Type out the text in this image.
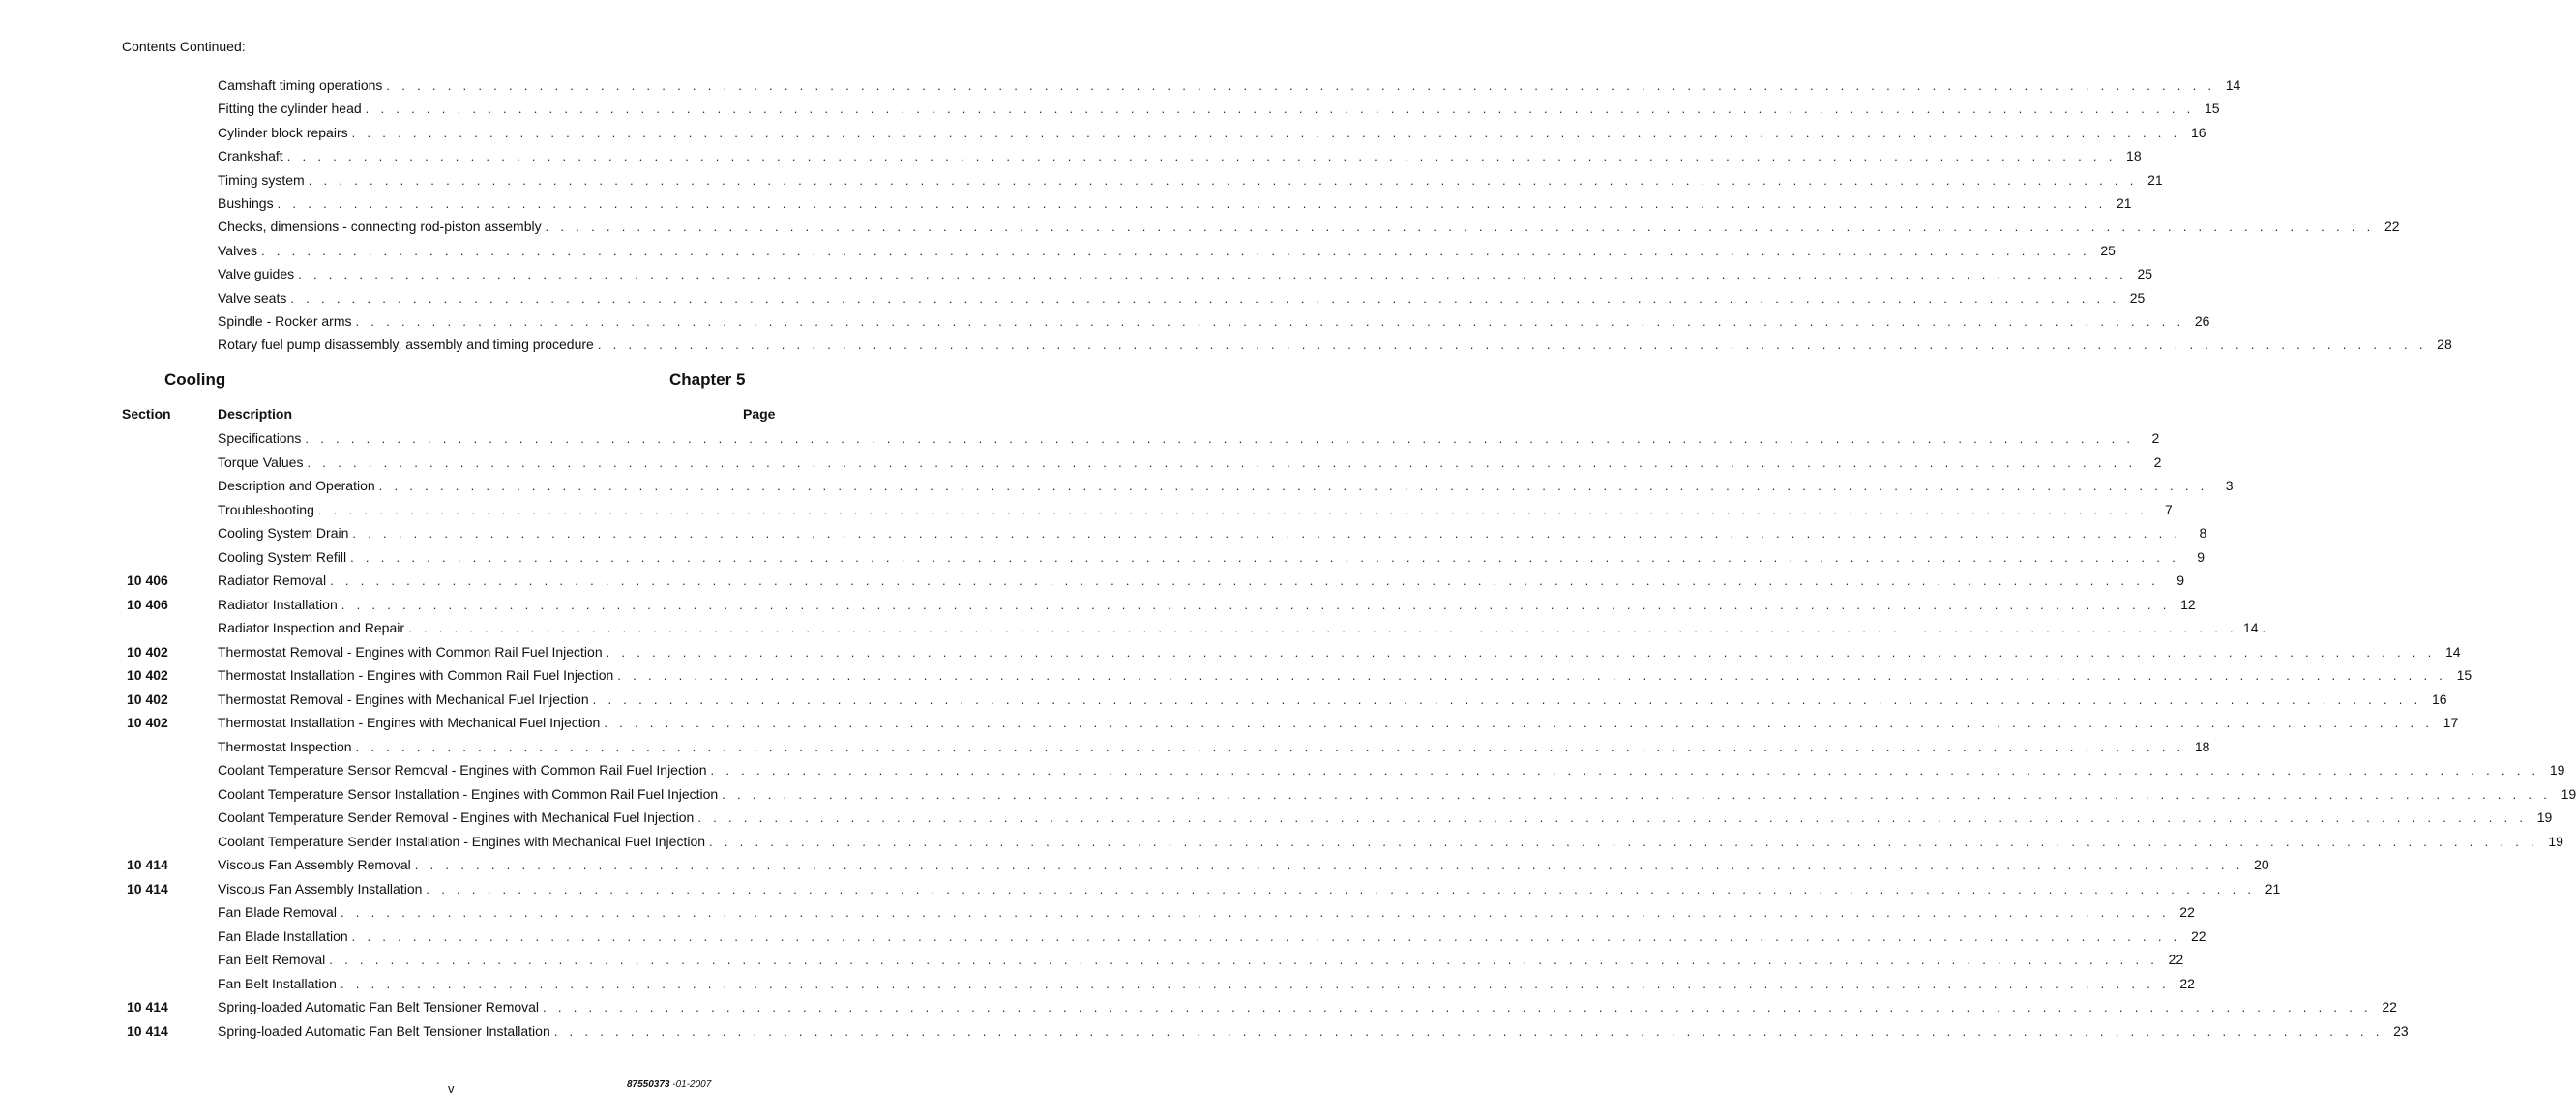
Contents Continued:
Camshaft timing operations . . . . . . . . . . . . . . . . . . . . . . . . . . . . . . . . . . . . . . . . . . . . . . . . . . . . . . . . . . . . . . . . . . . . . . . . . . . . . . . . . . . . . . . . . . . . . . . . . . . . . . . . . . . . . . . . . . . . . . . . 14
Fitting the cylinder head . . . . . . . . . . . . . . . . . . . . . . . . . . . . . . . . . . . . . . . . . . . . . . . . . . . . . . . . . . . . . . . . . . . . . . . . . . . . . . . . . . . . . . . . . . . . . . . . . . . . . . . . . . . . . . . . . . . . . . . . 15
Cylinder block repairs . . . . . . . . . . . . . . . . . . . . . . . . . . . . . . . . . . . . . . . . . . . . . . . . . . . . . . . . . . . . . . . . . . . . . . . . . . . . . . . . . . . . . . . . . . . . . . . . . . . . . . . . . . . . . . . . . . . . . . . . 16
Crankshaft . . . . . . . . . . . . . . . . . . . . . . . . . . . . . . . . . . . . . . . . . . . . . . . . . . . . . . . . . . . . . . . . . . . . . . . . . . . . . . . . . . . . . . . . . . . . . . . . . . . . . . . . . . . . . . . . . . . . . . . . 18
Timing system . . . . . . . . . . . . . . . . . . . . . . . . . . . . . . . . . . . . . . . . . . . . . . . . . . . . . . . . . . . . . . . . . . . . . . . . . . . . . . . . . . . . . . . . . . . . . . . . . . . . . . . . . . . . . . . . . . . . . . . . 21
Bushings . . . . . . . . . . . . . . . . . . . . . . . . . . . . . . . . . . . . . . . . . . . . . . . . . . . . . . . . . . . . . . . . . . . . . . . . . . . . . . . . . . . . . . . . . . . . . . . . . . . . . . . . . . . . . . . . . . . . . . . . 21
Checks, dimensions - connecting rod-piston assembly . . . . . . . . . . . . . . . . . . . . . . . . . . . . . . . . . . . . . . . . . . . . . . . . . . . . . . . . . . . . . . . . . . . . . . . . . . . . . . . . . . . . . . . . . . . . . . . . . . . . . . . . . . . . . . . . . . . . . . . . 22
Valves . . . . . . . . . . . . . . . . . . . . . . . . . . . . . . . . . . . . . . . . . . . . . . . . . . . . . . . . . . . . . . . . . . . . . . . . . . . . . . . . . . . . . . . . . . . . . . . . . . . . . . . . . . . . . . . . . . . . . . . . 25
Valve guides . . . . . . . . . . . . . . . . . . . . . . . . . . . . . . . . . . . . . . . . . . . . . . . . . . . . . . . . . . . . . . . . . . . . . . . . . . . . . . . . . . . . . . . . . . . . . . . . . . . . . . . . . . . . . . . . . . . . . . . . 25
Valve seats . . . . . . . . . . . . . . . . . . . . . . . . . . . . . . . . . . . . . . . . . . . . . . . . . . . . . . . . . . . . . . . . . . . . . . . . . . . . . . . . . . . . . . . . . . . . . . . . . . . . . . . . . . . . . . . . . . . . . . . . 25
Spindle - Rocker arms . . . . . . . . . . . . . . . . . . . . . . . . . . . . . . . . . . . . . . . . . . . . . . . . . . . . . . . . . . . . . . . . . . . . . . . . . . . . . . . . . . . . . . . . . . . . . . . . . . . . . . . . . . . . . . . . . . . . . . . . 26
Rotary fuel pump disassembly, assembly and timing procedure . . . . . . . . . . . . . . . . . . . . . . . . . . . . . . . . . . . . . . . . . . . . . . . . . . . . . . . . . . . . . . . . . . . . . . . . . . . . . . . . . . . . . . . . . . . . . . . . . . . . . . . . . . . . . . . . . . . . . . . . 28
Cooling	Chapter 5
Section	Description	Page
Specifications . . . . . . . . . . . . . . . . . . . . . . . . . . . . . . . . . . . . . . . . . . . . . . . . . . . . . . . . . . . . . . . . . . . . . . . . . . . . . . . . . . . . . . . . . . . . . . . . . . . . . . . . . . . . . . . . . . . . . . . .	2
Torque Values . . . . . . . . . . . . . . . . . . . . . . . . . . . . . . . . . . . . . . . . . . . . . . . . . . . . . . . . . . . . . . . . . . . . . . . . . . . . . . . . . . . . . . . . . . . . . . . . . . . . . . . . . . . . . . . . . . . . . . . .	2
Description and Operation . . . . . . . . . . . . . . . . . . . . . . . . . . . . . . . . . . . . . . . . . . . . . . . . . . . . . . . . . . . . . . . . . . . . . . . . . . . . . . . . . . . . . . . . . . . . . . . . . . . . . . . . . . . . . . . . . . . . . . . .	3
Troubleshooting . . . . . . . . . . . . . . . . . . . . . . . . . . . . . . . . . . . . . . . . . . . . . . . . . . . . . . . . . . . . . . . . . . . . . . . . . . . . . . . . . . . . . . . . . . . . . . . . . . . . . . . . . . . . . . . . . . . . . . . .	7
Cooling System Drain . . . . . . . . . . . . . . . . . . . . . . . . . . . . . . . . . . . . . . . . . . . . . . . . . . . . . . . . . . . . . . . . . . . . . . . . . . . . . . . . . . . . . . . . . . . . . . . . . . . . . . . . . . . . . . . . . . . . . . . .	8
Cooling System Refill . . . . . . . . . . . . . . . . . . . . . . . . . . . . . . . . . . . . . . . . . . . . . . . . . . . . . . . . . . . . . . . . . . . . . . . . . . . . . . . . . . . . . . . . . . . . . . . . . . . . . . . . . . . . . . . . . . . . . . . .	9
10 406	Radiator Removal . . . . . . . . . . . . . . . . . . . . . . . . . . . . . . . . . . . . . . . . . . . . . . . . . . . . . . . . . . . . . . . . . . . . . . . . . . . . . . . . . . . . . . . . . . . . . . . . . . . . . . . . . . . . . . . . . . . . . . . .	9
10 406	Radiator Installation . . . . . . . . . . . . . . . . . . . . . . . . . . . . . . . . . . . . . . . . . . . . . . . . . . . . . . . . . . . . . . . . . . . . . . . . . . . . . . . . . . . . . . . . . . . . . . . . . . . . . . . . . . . . . . . . . . . . . . . . 12
Radiator Inspection and Repair . . . . . . . . . . . . . . . . . . . . . . . . . . . . . . . . . . . . . . . . . . . . . . . . . . . . . . . . . . . . . . . . . . . . . . . . . . . . . . . . . . . . . . . . . . . . . . . . . . . . . . . . . . . . . . . . . . . . . . . . 14 .
10 402	Thermostat Removal - Engines with Common Rail Fuel Injection . . . . . . . . . . . . . . . . . . . . . . . . . . . . . . . . . . . . . . . . . . . . . . . . . . . . . . . . . . . . . . . . . . . . . . . . . . . . . . . . . . . . . . . . . . . . . . . . . . . . . . . . . . . . . . . . . . . . . . . . 14
10 402	Thermostat Installation - Engines with Common Rail Fuel Injection . . . . . . . . . . . . . . . . . . . . . . . . . . . . . . . . . . . . . . . . . . . . . . . . . . . . . . . . . . . . . . . . . . . . . . . . . . . . . . . . . . . . . . . . . . . . . . . . . . . . . . . . . . . . . . . . . . . . . . . . 15
10 402	Thermostat Removal - Engines with Mechanical Fuel Injection . . . . . . . . . . . . . . . . . . . . . . . . . . . . . . . . . . . . . . . . . . . . . . . . . . . . . . . . . . . . . . . . . . . . . . . . . . . . . . . . . . . . . . . . . . . . . . . . . . . . . . . . . . . . . . . . . . . . . . . . 16
10 402	Thermostat Installation - Engines with Mechanical Fuel Injection . . . . . . . . . . . . . . . . . . . . . . . . . . . . . . . . . . . . . . . . . . . . . . . . . . . . . . . . . . . . . . . . . . . . . . . . . . . . . . . . . . . . . . . . . . . . . . . . . . . . . . . . . . . . . . . . . . . . . . . . 17
Thermostat Inspection . . . . . . . . . . . . . . . . . . . . . . . . . . . . . . . . . . . . . . . . . . . . . . . . . . . . . . . . . . . . . . . . . . . . . . . . . . . . . . . . . . . . . . . . . . . . . . . . . . . . . . . . . . . . . . . . . . . . . . . . 18
Coolant Temperature Sensor Removal - Engines with Common Rail Fuel Injection . . . . . . . . . . . . . . . . . . . . . . . . . . . . . . . . . . . . . . . . . . . . . . . . . . . . . . . . . . . . . . . . . . . . . . . . . . . . . . . . . . . . . . . . . . . . . . . . . . . . . . . . . . . . . . . . . . . . . . . . 19
Coolant Temperature Sensor Installation - Engines with Common Rail Fuel Injection . . . . . . . . . . . . . . . . . . . . . . . . . . . . . . . . . . . . . . . . . . . . . . . . . . . . . . . . . . . . . . . . . . . . . . . . . . . . . . . . . . . . . . . . . . . . . . . . . . . . . . . . . . . . . . . . . . . . . . . . 19
Coolant Temperature Sender Removal - Engines with Mechanical Fuel Injection . . . . . . . . . . . . . . . . . . . . . . . . . . . . . . . . . . . . . . . . . . . . . . . . . . . . . . . . . . . . . . . . . . . . . . . . . . . . . . . . . . . . . . . . . . . . . . . . . . . . . . . . . . . . . . . . . . . . . . . . 19
Coolant Temperature Sender Installation - Engines with Mechanical Fuel Injection . . . . . . . . . . . . . . . . . . . . . . . . . . . . . . . . . . . . . . . . . . . . . . . . . . . . . . . . . . . . . . . . . . . . . . . . . . . . . . . . . . . . . . . . . . . . . . . . . . . . . . . . . . . . . . . . . . . . . . . . 19
10 414	Viscous Fan Assembly Removal . . . . . . . . . . . . . . . . . . . . . . . . . . . . . . . . . . . . . . . . . . . . . . . . . . . . . . . . . . . . . . . . . . . . . . . . . . . . . . . . . . . . . . . . . . . . . . . . . . . . . . . . . . . . . . . . . . . . . . . . 20
10 414	Viscous Fan Assembly Installation . . . . . . . . . . . . . . . . . . . . . . . . . . . . . . . . . . . . . . . . . . . . . . . . . . . . . . . . . . . . . . . . . . . . . . . . . . . . . . . . . . . . . . . . . . . . . . . . . . . . . . . . . . . . . . . . . . . . . . . . 21
Fan Blade Removal . . . . . . . . . . . . . . . . . . . . . . . . . . . . . . . . . . . . . . . . . . . . . . . . . . . . . . . . . . . . . . . . . . . . . . . . . . . . . . . . . . . . . . . . . . . . . . . . . . . . . . . . . . . . . . . . . . . . . . . . 22
Fan Blade Installation . . . . . . . . . . . . . . . . . . . . . . . . . . . . . . . . . . . . . . . . . . . . . . . . . . . . . . . . . . . . . . . . . . . . . . . . . . . . . . . . . . . . . . . . . . . . . . . . . . . . . . . . . . . . . . . . . . . . . . . . 22
Fan Belt Removal . . . . . . . . . . . . . . . . . . . . . . . . . . . . . . . . . . . . . . . . . . . . . . . . . . . . . . . . . . . . . . . . . . . . . . . . . . . . . . . . . . . . . . . . . . . . . . . . . . . . . . . . . . . . . . . . . . . . . . . . 22
Fan Belt Installation . . . . . . . . . . . . . . . . . . . . . . . . . . . . . . . . . . . . . . . . . . . . . . . . . . . . . . . . . . . . . . . . . . . . . . . . . . . . . . . . . . . . . . . . . . . . . . . . . . . . . . . . . . . . . . . . . . . . . . . . 22
10 414	Spring-loaded Automatic Fan Belt Tensioner Removal . . . . . . . . . . . . . . . . . . . . . . . . . . . . . . . . . . . . . . . . . . . . . . . . . . . . . . . . . . . . . . . . . . . . . . . . . . . . . . . . . . . . . . . . . . . . . . . . . . . . . . . . . . . . . . . . . . . . . . . . 22
10 414	Spring-loaded Automatic Fan Belt Tensioner Installation . . . . . . . . . . . . . . . . . . . . . . . . . . . . . . . . . . . . . . . . . . . . . . . . . . . . . . . . . . . . . . . . . . . . . . . . . . . . . . . . . . . . . . . . . . . . . . . . . . . . . . . . . . . . . . . . . . . . . . . . 23
v	87550373 -01-2007
